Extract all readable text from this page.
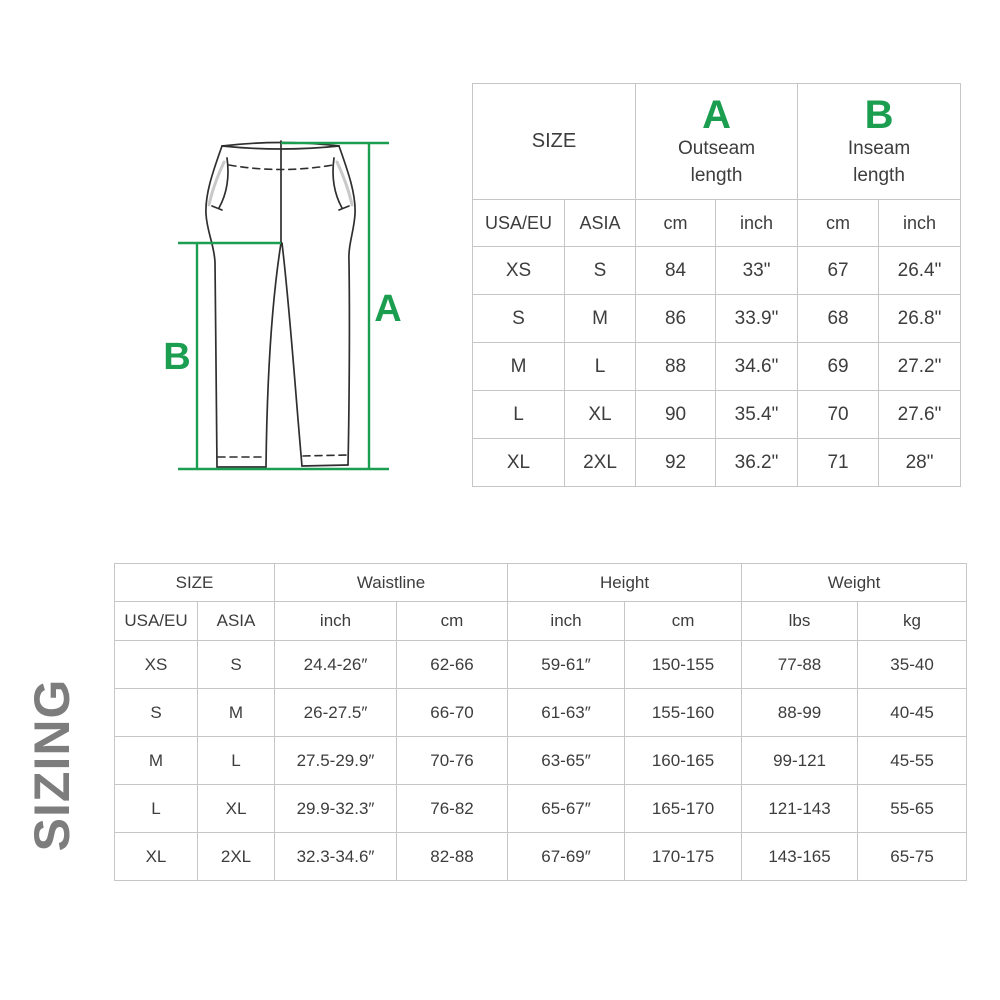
A
B
SIZE	
A
Outseam
length

B
Inseam
length

USA/EU	ASIA	cm	inch	cm	inch
XS	S	84	33"	67	26.4"
S	M	86	33.9"	68	26.8"
M	L	88	34.6"	69	27.2"
L	XL	90	35.4"	70	27.6"
XL	2XL	92	36.2"	71	28"
SIZE		Waistline		Height		Weight	
USA/EU	ASIA	inch	cm	inch	cm	lbs	kg
XS	S	24.4-26″	62-66	59-61″	150-155	77-88	35-40
S	M	26-27.5″	66-70	61-63″	155-160	88-99	40-45
M	L	27.5-29.9″	70-76	63-65″	160-165	99-121	45-55
L	XL	29.9-32.3″	76-82	65-67″	165-170	121-143	55-65
XL	2XL	32.3-34.6″	82-88	67-69″	170-175	143-165	65-75
SIZING
